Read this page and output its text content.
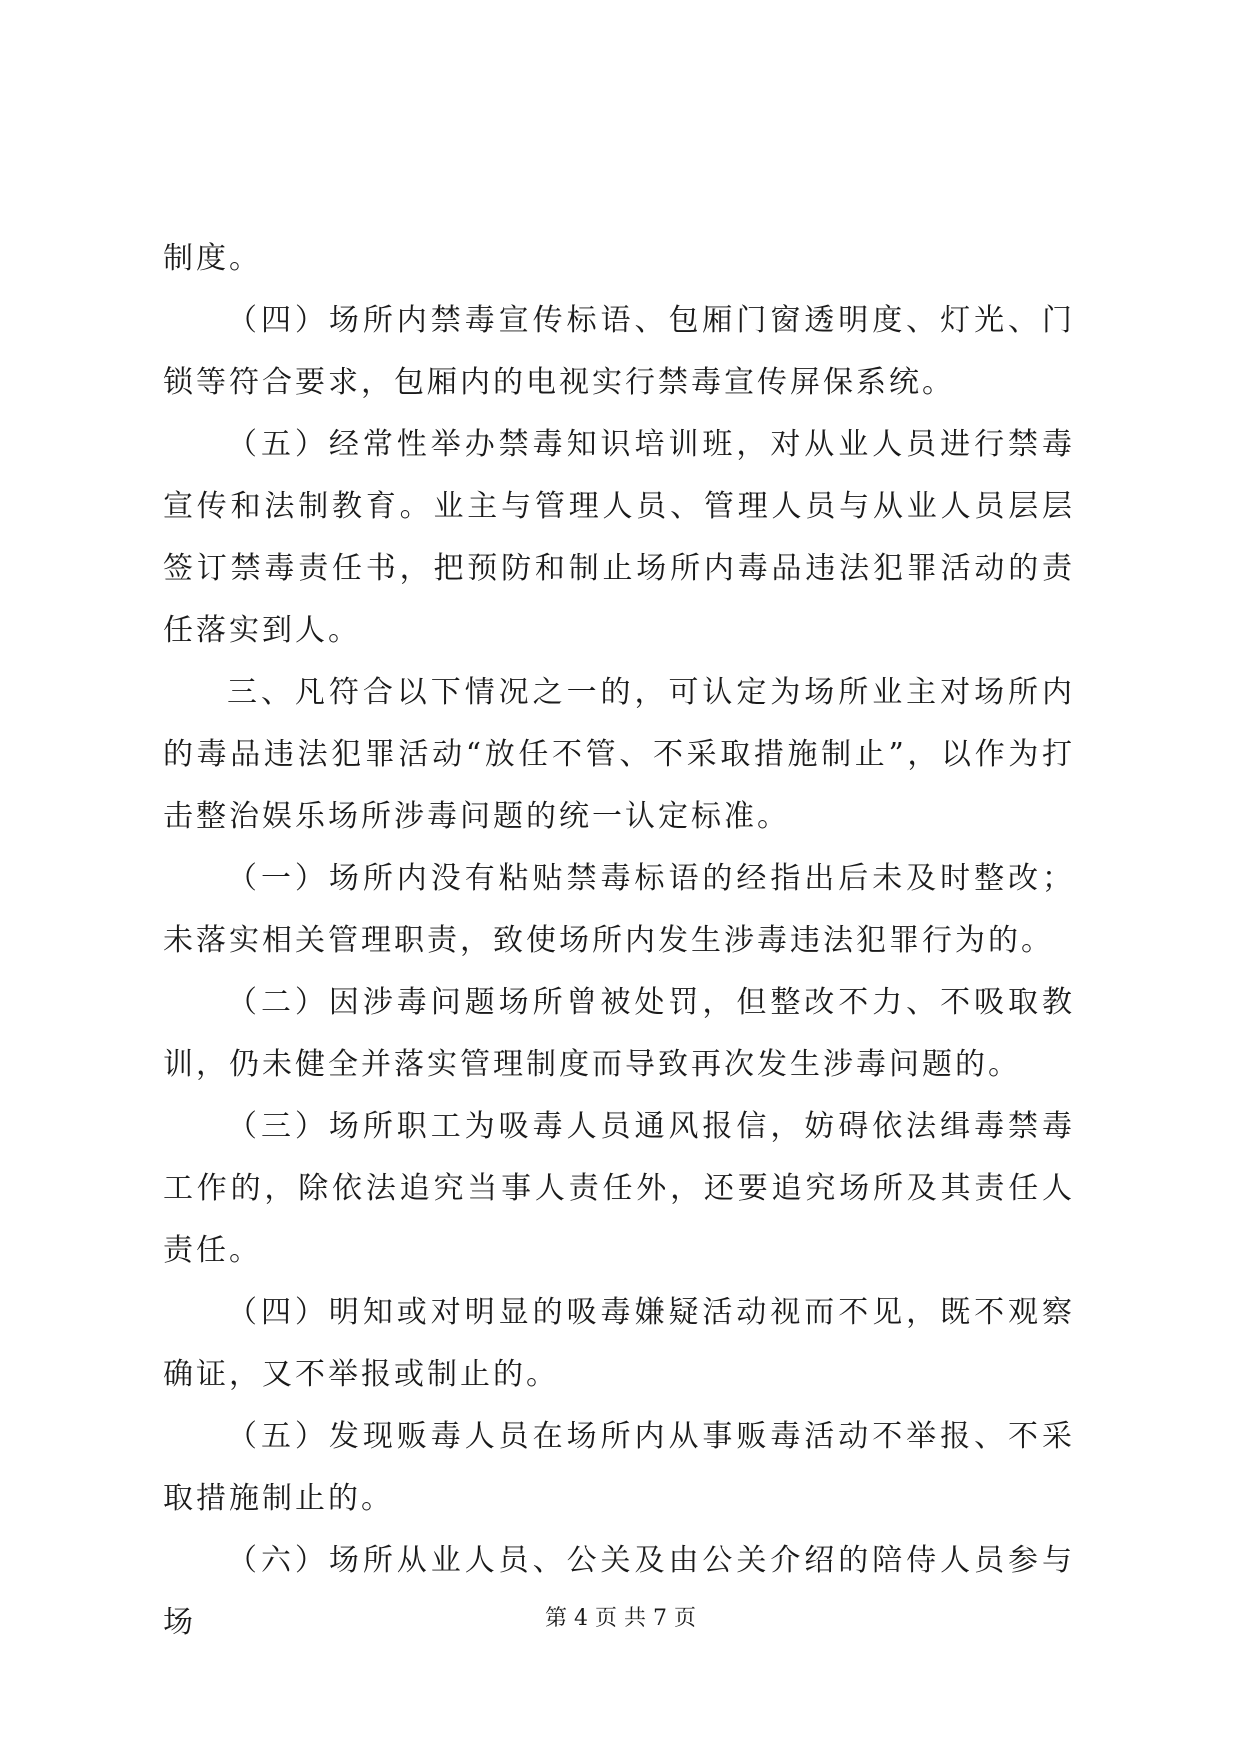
制度。

（四）场所内禁毒宣传标语、包厢门窗透明度、灯光、门锁等符合要求，包厢内的电视实行禁毒宣传屏保系统。

（五）经常性举办禁毒知识培训班，对从业人员进行禁毒宣传和法制教育。业主与管理人员、管理人员与从业人员层层签订禁毒责任书，把预防和制止场所内毒品违法犯罪活动的责任落实到人。

三、凡符合以下情况之一的，可认定为场所业主对场所内的毒品违法犯罪活动“放任不管、不采取措施制止”，以作为打击整治娱乐场所涉毒问题的统一认定标准。

（一）场所内没有粘贴禁毒标语的经指出后未及时整改；未落实相关管理职责，致使场所内发生涉毒违法犯罪行为的。

（二）因涉毒问题场所曾被处罚，但整改不力、不吸取教训，仍未健全并落实管理制度而导致再次发生涉毒问题的。

（三）场所职工为吸毒人员通风报信，妨碍依法缉毒禁毒工作的，除依法追究当事人责任外，还要追究场所及其责任人责任。

（四）明知或对明显的吸毒嫌疑活动视而不见，既不观察确证，又不举报或制止的。

（五）发现贩毒人员在场所内从事贩毒活动不举报、不采取措施制止的。

（六）场所从业人员、公关及由公关介绍的陪侍人员参与场	第 4 页 共 7 页
